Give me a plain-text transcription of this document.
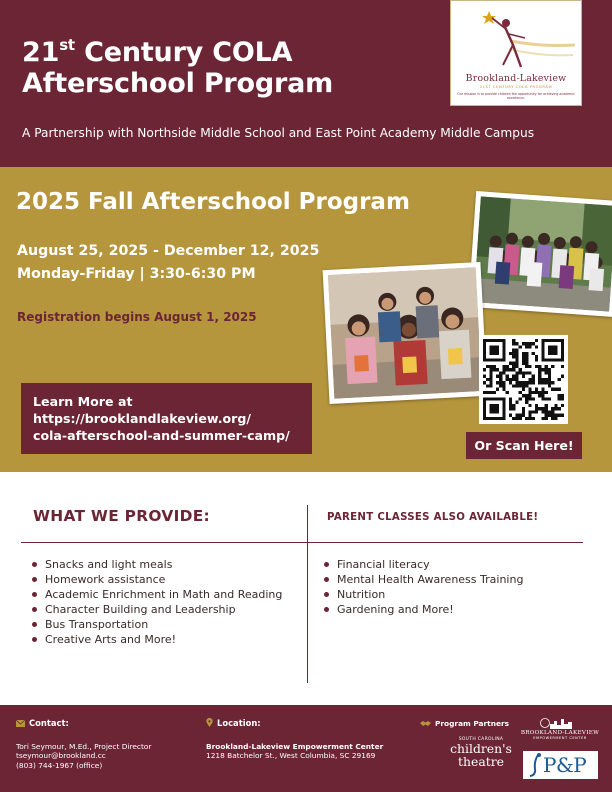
21st Century COLA
Afterschool Program
A Partnership with Northside Middle School and East Point Academy Middle Campus
Brookland-Lakeview
21ST CENTURY COLA PROGRAM
Our mission is to provide children the opportunity for achieving academic excellence.
2025 Fall Afterschool Program
August 25, 2025 - December 12, 2025
Monday-Friday | 3:30-6:30 PM
Registration begins August 1, 2025
Learn More at
https://brooklandlakeview.org/
cola-afterschool-and-summer-camp/
Or Scan Here!
WHAT WE PROVIDE:	PARENT CLASSES ALSO AVAILABLE!
Snacks and light meals
Homework assistance
Academic Enrichment in Math and Reading
Character Building and Leadership
Bus Transportation
Creative Arts and More!
Financial literacy
Mental Health Awareness Training
Nutrition
Gardening and More!
Contact:	Location:	Program Partners
Tori Seymour, M.Ed., Project Director
tseymour@brookland.cc
(803) 744-1967 (office)
Brookland-Lakeview Empowerment Center
1218 Batchelor St., West Columbia, SC 29169
BROOKLAND-LAKEVIEW
EMPOWERMENT CENTER
SOUTH CAROLINA
children's
theatre	P&P
